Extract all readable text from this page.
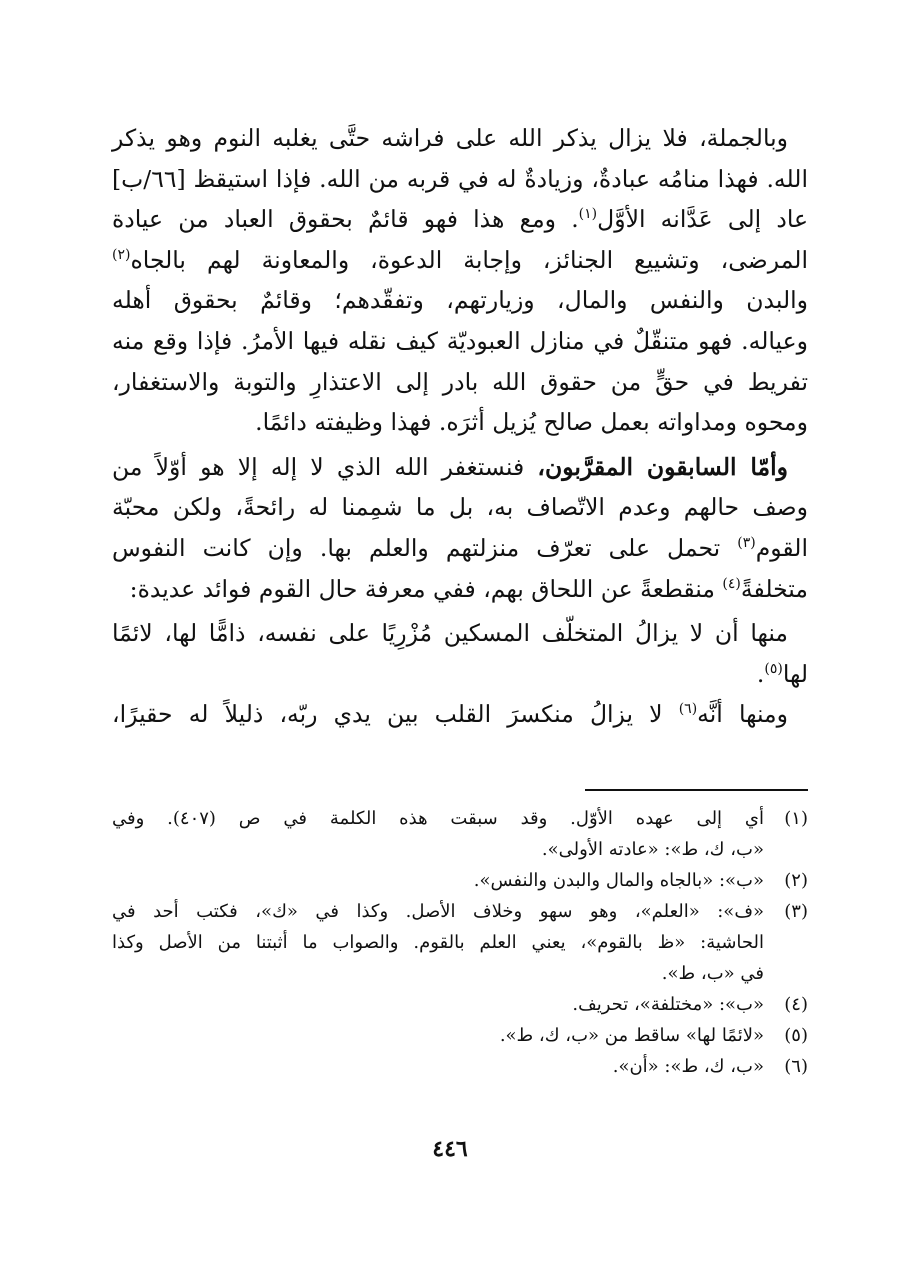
وبالجملة، فلا يزال يذكر الله على فراشه حتَّى يغلبه النوم وهو يذكر
الله. فهذا منامُه عبادةٌ، وزيادةٌ له في قربه من الله. فإذا استيقظ [٦٦/ب]
عاد إلى عَدَّانه الأوَّل$^{(١)}$. ومع هذا فهو قائمٌ بحقوق العباد من عيادة
المرضى، وتشييع الجنائز، وإجابة الدعوة، والمعاونة لهم بالجاه$^{(٢)}$
والبدن والنفس والمال، وزيارتهم، وتفقّدهم؛ وقائمٌ بحقوق أهله
وعياله. فهو متنقّلٌ في منازل العبوديّة كيف نقله فيها الأمرُ. فإذا وقع منه
تفريط في حقٍّ من حقوق الله بادر إلى الاعتذارِ والتوبة والاستغفار،
ومحوه ومداواته بعمل صالح يُزيل أثرَه. فهذا وظيفته دائمًا.
وأمّا السابقون المقرَّبون، فنستغفر الله الذي لا إله إلا هو أوّلاً من
وصف حالهم وعدم الاتّصاف به، بل ما شمِمنا له رائحةً، ولكن محبّة
القوم$^{(٣)}$ تحمل على تعرّف منزلتهم والعلم بها. وإن كانت النفوس
متخلفةً$^{(٤)}$ منقطعةً عن اللحاق بهم، ففي معرفة حال القوم فوائد عديدة:
منها أن لا يزالُ المتخلّف المسكين مُزْرِيًا على نفسه، ذامًّا لها، لائمًا
لها$^{(٥)}$.
ومنها أنَّه$^{(٦)}$ لا يزالُ منكسرَ القلب بين يدي ربّه، ذليلاً له حقيرًا،
(١)
أي إلى عهده الأوّل. وقد سبقت هذه الكلمة في ص (٤٠٧). وفي
«ب، ك، ط»: «عادته الأولى».
(٢)
«ب»: «بالجاه والمال والبدن والنفس».
(٣)
«ف»: «العلم»، وهو سهو وخلاف الأصل. وكذا في «ك»، فكتب أحد في
الحاشية: «ظ بالقوم»، يعني العلم بالقوم. والصواب ما أثبتنا من الأصل وكذا
في «ب، ط».
(٤)
«ب»: «مختلفة»، تحريف.
(٥)
«لائمًا لها» ساقط من «ب، ك، ط».
(٦)
«ب، ك، ط»: «أن».
٤٤٦
